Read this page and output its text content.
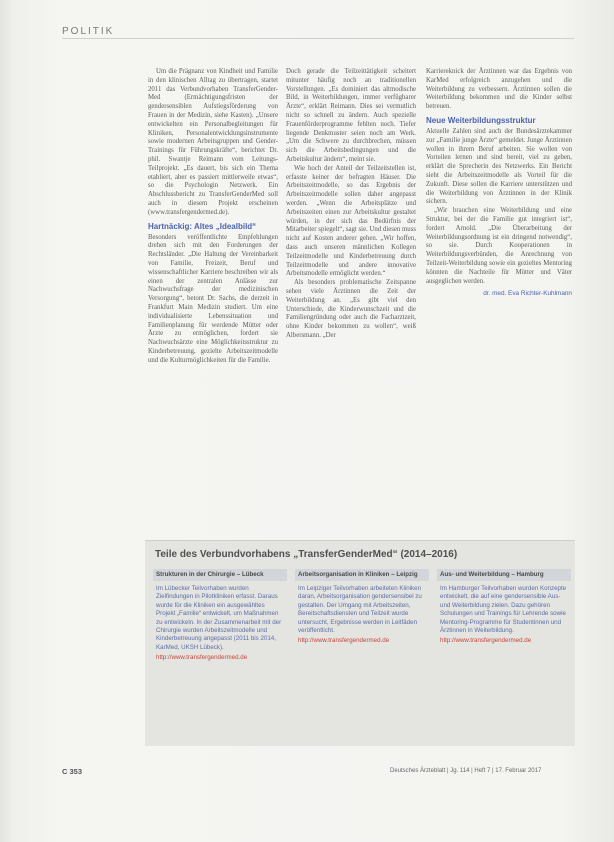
POLITIK

Um die Prägnanz von Kindheit und Familie in den klinischen Alltag zu übertragen, startet 2011 das Verbundvorhaben TransferGender-Med (Ermächtigungsfristen der gendersensiblen Aufstiegsförderung von Frauen in der Medizin, siehe Kasten). „Unsere entwickelten ein Personalbegleitungen für Kliniken, Personalentwicklungsinstrumente sowie modernen Arbeitsgruppen und Gender-Trainings für Führungskräfte“, berichtet Dr. phil. Swantje Reimann vom Leitungs-Teilprojekt. „Es dauert, bis sich ein Thema etabliert, aber es passiert mittlerweile etwas“, so die Psychologin Netzwerk. Ein Abschlussbericht zu TransferGenderMed soll auch in diesem Projekt erscheinen (www.transfergendermed.de).

Hartnäckig: Altes „Idealbild“

Besonders veröffentlichte Empfehlungen drehen sich mit den Forderungen der Rechtsländer. „Die Haltung der Vereinbarkeit von Familie, Freizeit, Beruf und wissenschaftlicher Karriere beschreiben wir als einen der zentralen Anlässe zur Nachwuchsfrage der medizinischen Versorgung“, betont Dr. Sachs, die derzeit in Frankfurt Main Medizin studiert. Um eine individualisierte Lebenssituation und Familienplanung für werdende Mütter oder Ärzte zu ermöglichen, fordert sie Nachwuchsärzte eine Möglichkeitsstruktur zu Kinderbetreuung, gezielte Arbeitszeitmodelle und die Kulturmöglichkeiten für die Familie.

Doch gerade die Teilzeittätigkeit scheitert mitunter häufig noch an traditionellen Vorstellungen. „Es dominiert das altmodische Bild, in Weiterbildungen, immer verfügbarer Ärzte“, erklärt Reimann. Dies sei vermutlich nicht so schnell zu ändern. Auch spezielle Frauenförderprogramme fehlten noch. Tiefer liegende Denkmuster seien noch am Werk. „Um die Schwere zu durchbrechen, müssen sich die Arbeitsbedingungen und die Arbeitskultur ändern“, meint sie.

Wie hoch der Anteil der Teilzeitstellen ist, erfasste keiner der befragten Häuser. Die Arbeitszeitmodelle, so das Ergebnis der Arbeitszeitmodelle sollen daher angepasst werden. „Wenn die Arbeitsplätze und Arbeitszeiten einen zur Arbeitskultur gestaltet würden, in der sich das Bedürfnis der Mitarbeiter spiegelt“, sagt sie. Und diesen muss nicht auf Kosten anderer gehen. „Wir hoffen, dass auch unseren männlichen Kollegen Teilzeitmodelle und Kinderbetreuung durch Teilzeitmodelle und andere innovative Arbeitsmodelle ermöglicht werden.“

Als besonders problematische Zeitspanne sehen viele Ärztinnen die Zeit der Weiterbildung an. „Es gibt viel den Unterschiede, die Kinderwunschzeit und die Familiengründung oder auch die Facharztzeit, ohne Kinder bekommen zu wollen“, weiß Albersmann. „Der

Karriereknick der Ärztinnen war das Ergebnis von KarMed erfolgreich anzugehen und die Weiterbildung zu verbessern. Ärztinnen sollen die Weiterbildung bekommen und die Kinder selbst betreuen.

Neue Weiterbildungsstruktur

Aktuelle Zahlen sind auch der Bundesärztekammer zur „Familie junge Ärzte“ gemeldet. Junge Ärztinnen wollen in ihrem Beruf arbeiten. Sie wollen von Vorteilen lernen und sind bereit, viel zu geben, erklärt die Sprecherin des Netzwerks. Ein Bericht sieht die Arbeitszeitmodelle als Vorteil für die Zukunft. Diese sollen die Karriere unterstützen und die Weiterbildung von Ärztinnen in der Klinik sichern.

„Wir brauchen eine Weiterbildung und eine Struktur, bei der die Familie gut integriert ist“, fordert Arnold. „Die Überarbeitung der Weiterbildungsordnung ist ein dringend notwendig“, so sie. Durch Kooperationen in Weiterbildungsverbünden, die Anrechnung von Teilzeit-Weiterbildung sowie ein gezieltes Mentoring könnten die Nachteile für Mütter und Väter ausgeglichen werden.

dr. med. Eva Richter-Kuhlmann
Teile des Verbundvorhabens „TransferGenderMed“ (2014–2016)
Strukturen in der Chirurgie – Lübeck
Im Lübecker Teilvorhaben wurden Zielfindungen in Pilotkliniken erfasst. Daraus wurde für die Kliniken ein ausgewähltes Projekt „Familie“ entwickelt, um Maßnahmen zu entwickeln. In der Zusammenarbeit mit der Chirurgie wurden Arbeitszeitmodelle und Kinderbetreuung angepasst (2011 bis 2014, KarMed, UKSH Lübeck).
http://www.transfergendermed.de
Arbeitsorganisation in Kliniken – Leipzig
Im Leipziger Teilvorhaben arbeiteten Kliniken daran, Arbeitsorganisation gendersensibel zu gestalten. Der Umgang mit Arbeitszeiten, Bereitschaftsdiensten und Teilzeit wurde untersucht, Ergebnisse werden in Leitfäden veröffentlicht.
http://www.transfergendermed.de
Aus- und Weiterbildung – Hamburg
Im Hamburger Teilvorhaben wurden Konzepte entwickelt, die auf eine gendersensible Aus- und Weiterbildung zielen. Dazu gehören Schulungen und Trainings für Lehrende sowie Mentoring-Programme für Studentinnen und Ärztinnen in Weiterbildung.
http://www.transfergendermed.de
C 353	Deutsches Ärzteblatt | Jg. 114 | Heft 7 | 17. Februar 2017
